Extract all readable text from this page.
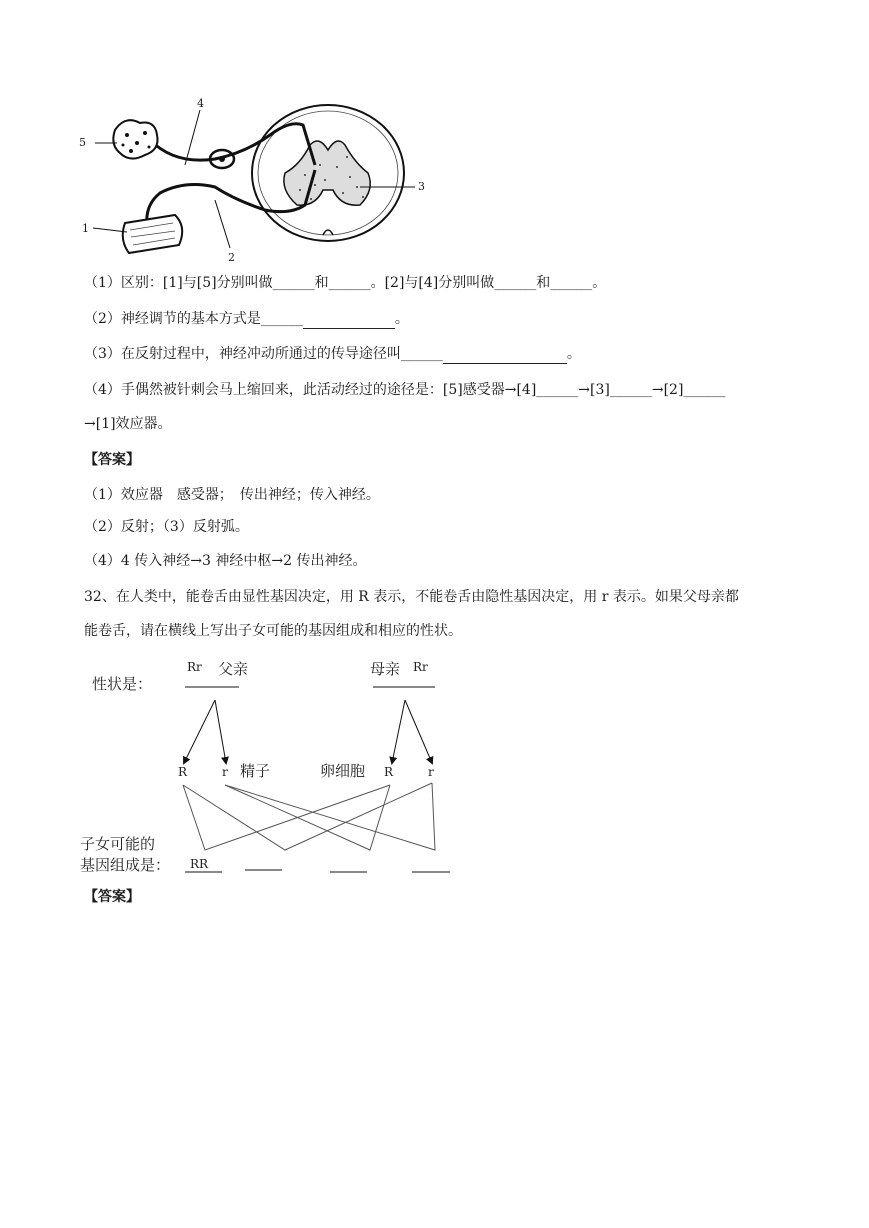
5
1
4
2
3
（1）区别：[1]与[5]分别叫做______和______。[2]与[4]分别叫做______和______。
（2）神经调节的基本方式是______	。
（3）在反射过程中，神经冲动所通过的传导途径叫______	。
（4）手偶然被针刺会马上缩回来，此活动经过的途径是：[5]感受器→[4]______→[3]______→[2]______
→[1]效应器。
【答案】
（1）效应器　感受器；　传出神经；传入神经。
（2）反射；（3）反射弧。
（4）4 传入神经→3 神经中枢→2 传出神经。
32、在人类中，能卷舌由显性基因决定，用 R 表示，不能卷舌由隐性基因决定，用 r 表示。如果父母亲都
能卷舌，请在横线上写出子女可能的基因组成和相应的性状。
性状是：
Rr 父亲	母亲 Rr
R	r 精子	卵细胞 R	r
子女可能的
基因组成是： RR
【答案】
